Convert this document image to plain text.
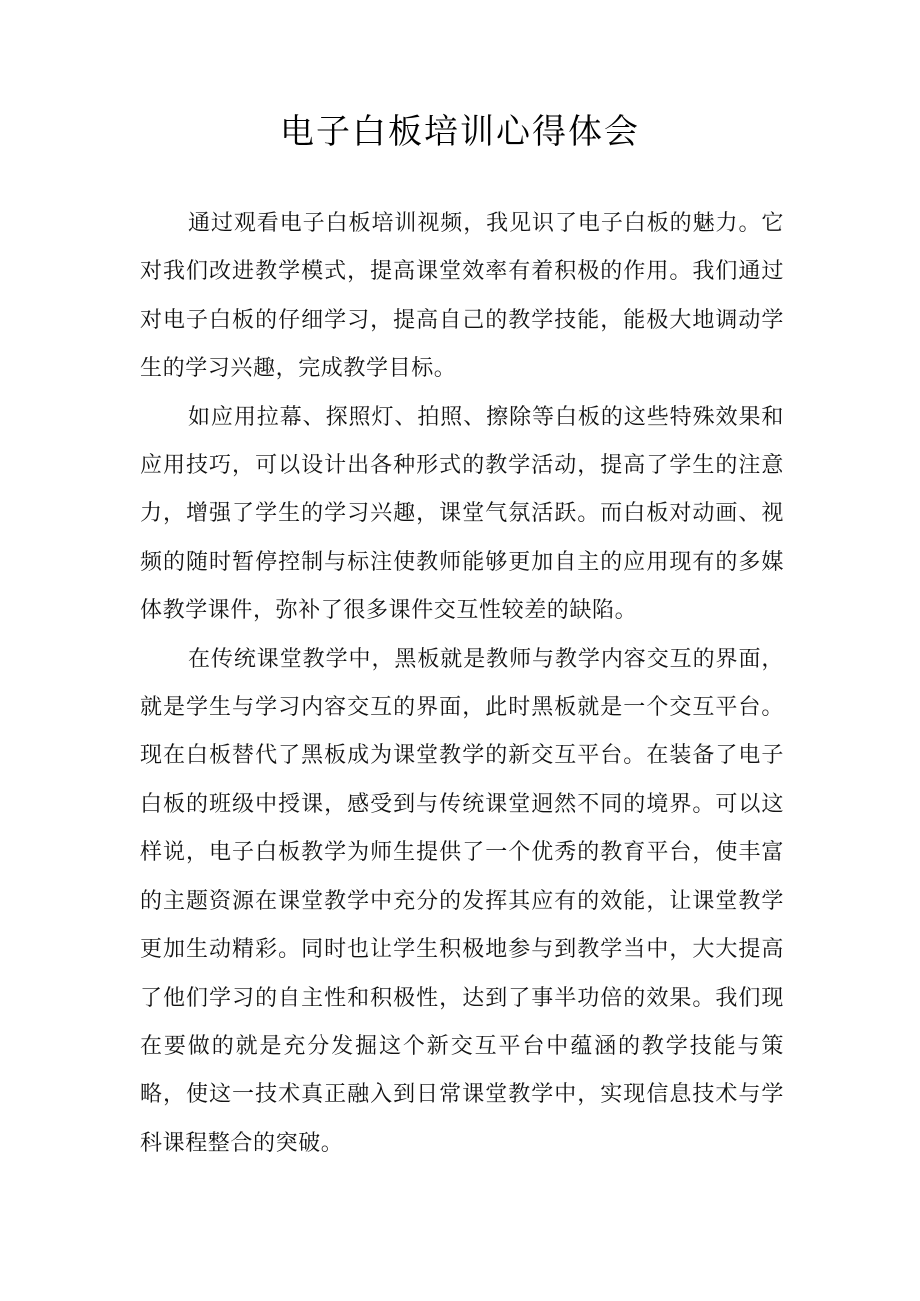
电子白板培训心得体会

通过观看电子白板培训视频，我见识了电子白板的魅力。它对我们改进教学模式，提高课堂效率有着积极的作用。我们通过对电子白板的仔细学习，提高自己的教学技能，能极大地调动学生的学习兴趣，完成教学目标。

如应用拉幕、探照灯、拍照、擦除等白板的这些特殊效果和应用技巧，可以设计出各种形式的教学活动，提高了学生的注意力，增强了学生的学习兴趣，课堂气氛活跃。而白板对动画、视频的随时暂停控制与标注使教师能够更加自主的应用现有的多媒体教学课件，弥补了很多课件交互性较差的缺陷。

在传统课堂教学中，黑板就是教师与教学内容交互的界面，就是学生与学习内容交互的界面，此时黑板就是一个交互平台。现在白板替代了黑板成为课堂教学的新交互平台。在装备了电子白板的班级中授课，感受到与传统课堂迥然不同的境界。可以这样说，电子白板教学为师生提供了一个优秀的教育平台，使丰富的主题资源在课堂教学中充分的发挥其应有的效能，让课堂教学更加生动精彩。同时也让学生积极地参与到教学当中，大大提高了他们学习的自主性和积极性，达到了事半功倍的效果。我们现在要做的就是充分发掘这个新交互平台中蕴涵的教学技能与策略，使这一技术真正融入到日常课堂教学中，实现信息技术与学科课程整合的突破。
